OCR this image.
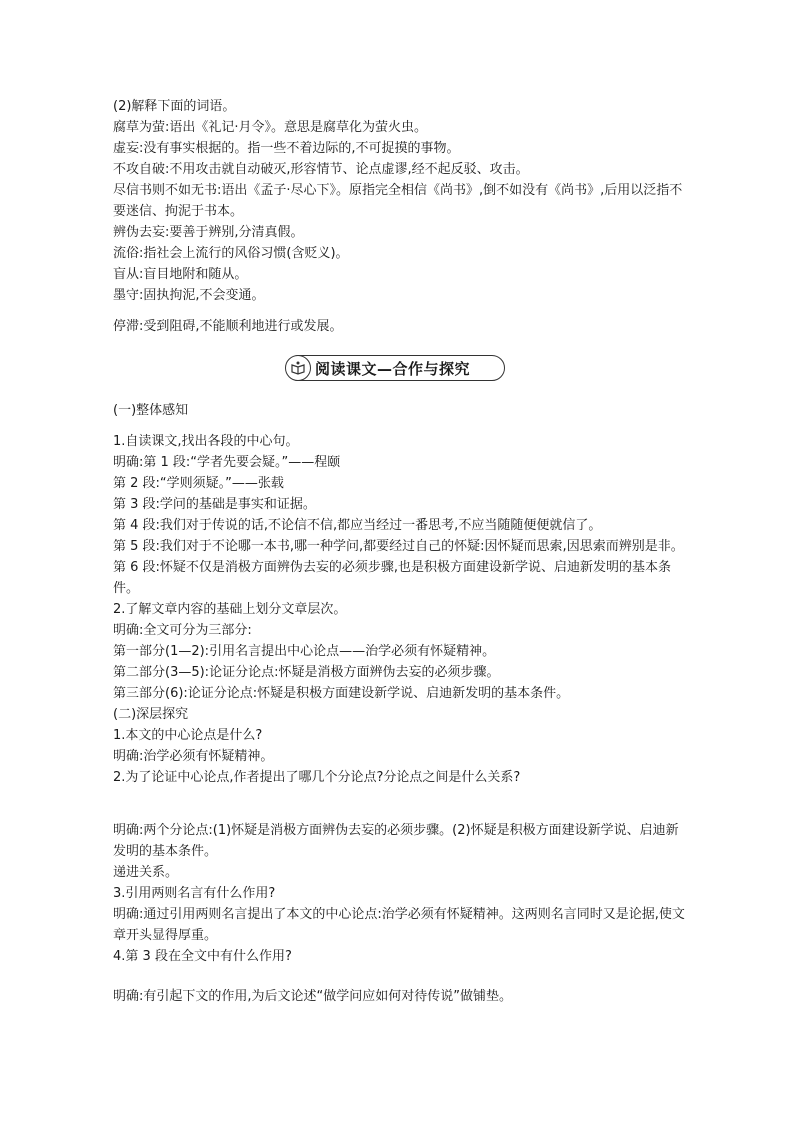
(2)解释下面的词语。
腐草为萤:语出《礼记·月令》。意思是腐草化为萤火虫。
虚妄:没有事实根据的。指一些不着边际的,不可捉摸的事物。
不攻自破:不用攻击就自动破灭,形容情节、论点虚谬,经不起反驳、攻击。
尽信书则不如无书:语出《孟子·尽心下》。原指完全相信《尚书》,倒不如没有《尚书》,后用以泛指不要迷信、拘泥于书本。
辨伪去妄:要善于辨别,分清真假。
流俗:指社会上流行的风俗习惯(含贬义)。
盲从:盲目地附和随从。
墨守:固执拘泥,不会变通。
停滞:受到阻碍,不能顺利地进行或发展。
阅读课文—合作与探究
(一)整体感知
1.自读课文,找出各段的中心句。
明确:第 1 段:“学者先要会疑。”——程颐
第 2 段:“学则须疑。”——张载
第 3 段:学问的基础是事实和证据。
第 4 段:我们对于传说的话,不论信不信,都应当经过一番思考,不应当随随便便就信了。
第 5 段:我们对于不论哪一本书,哪一种学问,都要经过自己的怀疑:因怀疑而思索,因思索而辨别是非。
第 6 段:怀疑不仅是消极方面辨伪去妄的必须步骤,也是积极方面建设新学说、启迪新发明的基本条件。
2.了解文章内容的基础上划分文章层次。
明确:全文可分为三部分:
第一部分(1—2):引用名言提出中心论点——治学必须有怀疑精神。
第二部分(3—5):论证分论点:怀疑是消极方面辨伪去妄的必须步骤。
第三部分(6):论证分论点:怀疑是积极方面建设新学说、启迪新发明的基本条件。
(二)深层探究
1.本文的中心论点是什么?
明确:治学必须有怀疑精神。
2.为了论证中心论点,作者提出了哪几个分论点?分论点之间是什么关系?
明确:两个分论点:(1)怀疑是消极方面辨伪去妄的必须步骤。(2)怀疑是积极方面建设新学说、启迪新发明的基本条件。
递进关系。
3.引用两则名言有什么作用?
明确:通过引用两则名言提出了本文的中心论点:治学必须有怀疑精神。这两则名言同时又是论据,使文章开头显得厚重。
4.第 3 段在全文中有什么作用?
明确:有引起下文的作用,为后文论述“做学问应如何对待传说”做铺垫。
